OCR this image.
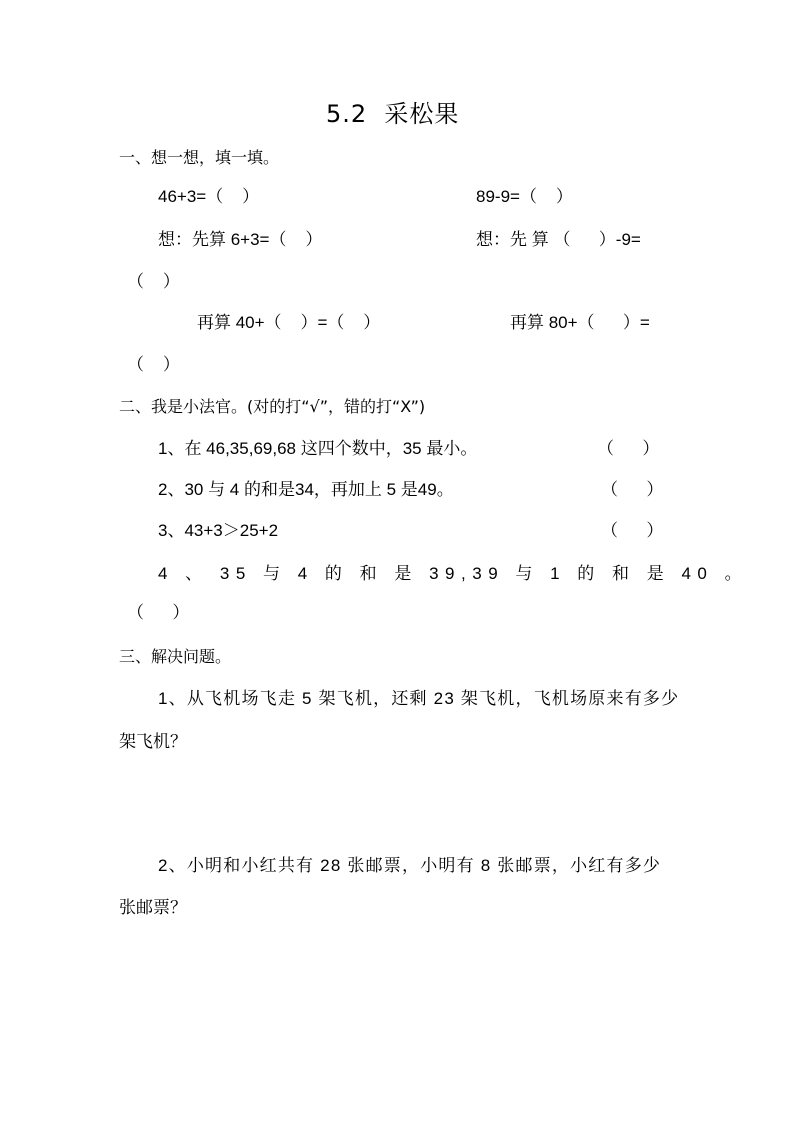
5.2  采松果
一、想一想，填一填。
46+3=（    ）	89-9=（    ）
想：先算 6+3=（    ）	想：先 算 （      ）-9=
（    ）
再算 40+（    ）=（    ）	再算 80+（      ）=
（    ）
二、我是小法官。(对的打“√”，错的打“X”)
1、在 46,35,69,68 这四个数中，35 最小。	（      ）
2、30 与 4 的和是34，再加上 5 是49。	（      ）
3、43+3＞25+2	（      ）
4 、 35 与 4 的 和 是 39,39 与 1 的 和 是 40 。
（      ）
三、解决问题。
1、从飞机场飞走 5 架飞机，还剩 23 架飞机，飞机场原来有多少
架飞机？
2、小明和小红共有 28 张邮票，小明有 8 张邮票，小红有多少
张邮票？
